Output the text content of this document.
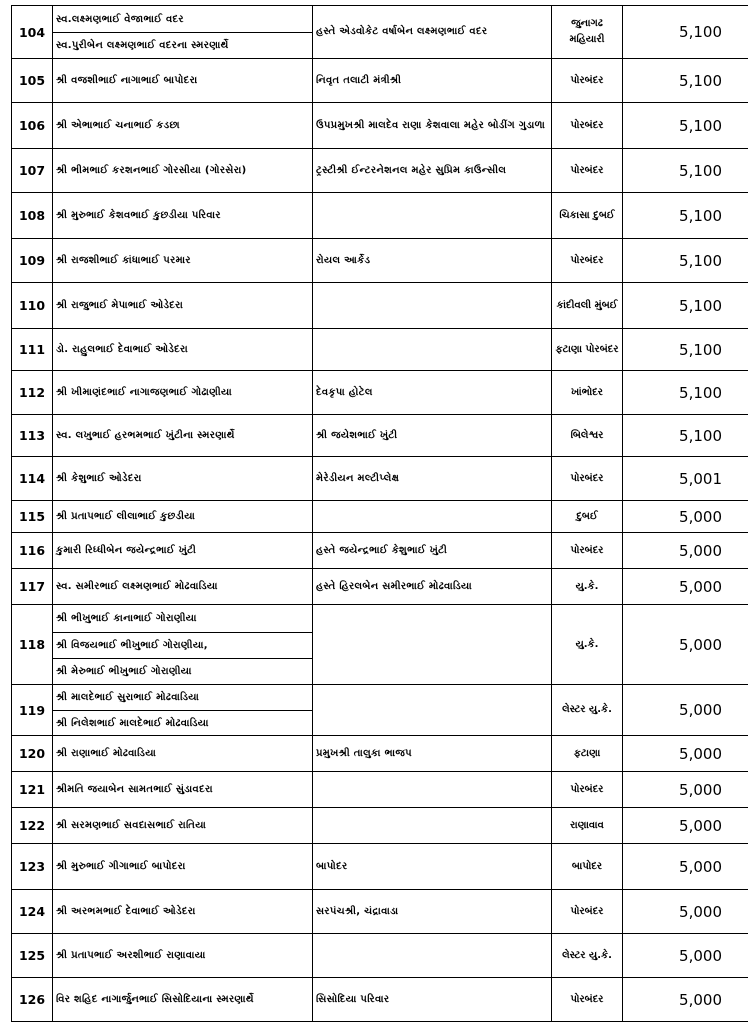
104	સ્વ.લક્ષ્મણભાઈ વેજાભાઈ વદર
સ્વ.પુરીબેન લક્ષ્મણભાઈ વદરના સ્મરણાર્થે	હસ્તે એડવોકેટ વર્ષાબેન લક્ષ્મણભાઈ વદર	જુનાગઢ મહિયારી	5,100
105	શ્રી વજશીભાઈ નાગાભાઈ બાપોદરા	નિવૃત તલાટી મંત્રીશ્રી	પોરબંદર	5,100
106	શ્રી એભાભાઈ ચનાભાઈ કડછા	ઉપપ્રમુખશ્રી માલદેવ રાણા કેશવાલા મહેર બોડીંગ ગુડાળા	પોરબંદર	5,100
107	શ્રી ભીમભાઈ કરશનભાઈ ગોરસીયા (ગોરસેરા)	ટ્રસ્ટીશ્રી ઈન્ટરનેશનલ મહેર સુપ્રિમ કાઉન્સીલ	પોરબંદર	5,100
108	શ્રી મુરુભાઈ કેશવભાઈ કુછડીયા પરિવાર		ચિકાસા દુબઈ	5,100
109	શ્રી રાજશીભાઈ કાંધાભાઈ પરમાર	રોયલ આર્કેડ	પોરબંદર	5,100
110	શ્રી રાજુભાઈ મેપાભાઈ ઓડેદરા		કાંદીવલી મુંબઈ	5,100
111	ડો. રાહુલભાઈ દેવાભાઈ ઓડેદરા		ફટાણા પોરબંદર	5,100
112	શ્રી ખીમાણંદભાઈ નાગાજણભાઈ ગોઢાણીયા	દેવકૃપા હોટેલ	ખાંભોદર	5,100
113	સ્વ. લખુભાઈ હરભમભાઈ ખુંટીના સ્મરણાર્થે	શ્રી જયેશભાઈ ખુંટી	બિલેશ્વર	5,100
114	શ્રી કેશુભાઈ ઓડેદરા	મેરેડીયન મલ્ટીપ્લેક્ષ	પોરબંદર	5,001
115	શ્રી પ્રતાપભાઈ લીલાભાઈ કુછડીયા		દુબઈ	5,000
116	કુમારી રિધ્ધીબેન જયેન્દ્રભાઈ ખુંટી	હસ્તે જયેન્દ્રભાઈ કેશુભાઈ ખુંટી	પોરબંદર	5,000
117	સ્વ. સમીરભાઈ લક્ષ્મણભાઈ મોઢવાડિયા	હસ્તે હિરલબેન સમીરભાઈ મોઢવાડિયા	યુ.કે.	5,000
118	શ્રી ભીખુભાઈ કાનાભાઈ ગોરાણીયા
શ્રી વિજયભાઈ ભીખુભાઈ ગોરાણીયા,
શ્રી મેરુભાઈ ભીખુભાઈ ગોરાણીયા		યુ.કે.	5,000
119	શ્રી માલદેભાઈ સુરાભાઈ મોઢવાડિયા
શ્રી નિલેશભાઈ માલદેભાઈ મોઢવાડિયા		લેસ્ટર યુ.કે.	5,000
120	શ્રી રાણાભાઈ મોઢવાડિયા	પ્રમુખશ્રી તાલુકા ભાજપ	ફટાણા	5,000
121	શ્રીમતિ જયાબેન સામતભાઈ સુંડાવદરા		પોરબંદર	5,000
122	શ્રી સરમણભાઈ સવદાસભાઈ રાતિયા		રાણાવાવ	5,000
123	શ્રી મુરુભાઈ ગીગાભાઈ બાપોદરા	બાપોદર	બાપોદર	5,000
124	શ્રી અરભમભાઈ દેવાભાઈ ઓડેદરા	સરપંચશ્રી, ચંદ્રાવાડા	પોરબંદર	5,000
125	શ્રી પ્રતાપભાઈ અરશીભાઈ રાણાવાયા		લેસ્ટર યુ.કે.	5,000
126	વિર શહિદ નાગાર્જુનભાઈ સિસોદિયાના સ્મરણાર્થે	સિસોદિયા પરિવાર	પોરબંદર	5,000
